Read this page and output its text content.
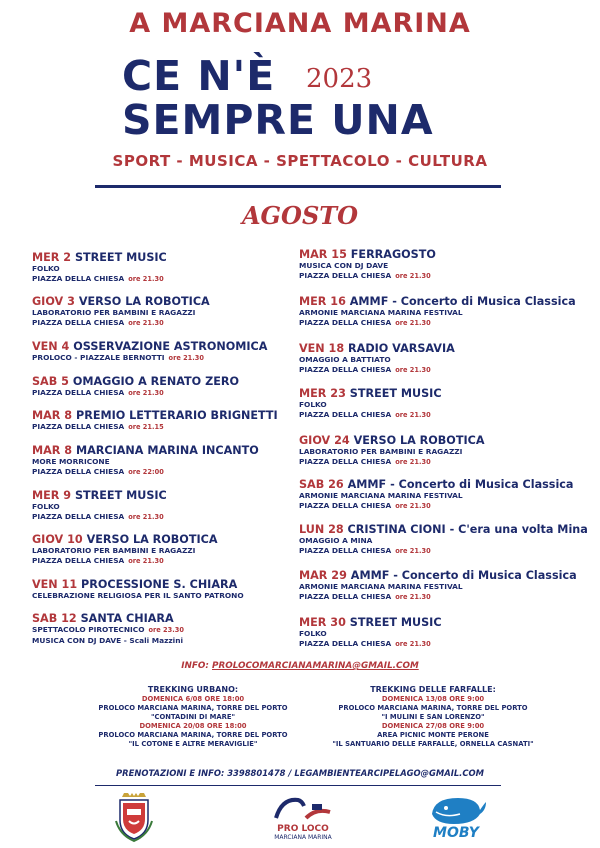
A MARCIANA MARINA
CE N'È 2023
SEMPRE UNA
SPORT - MUSICA - SPETTACOLO - CULTURA
AGOSTO
MER 2 STREET MUSIC
FOLKO
PIAZZA DELLA CHIESA ore 21.30
GIOV 3 VERSO LA ROBOTICA
LABORATORIO PER BAMBINI E RAGAZZI
PIAZZA DELLA CHIESA ore 21.30
VEN 4 OSSERVAZIONE ASTRONOMICA
PROLOCO - PIAZZALE BERNOTTI ore 21.30
SAB 5 OMAGGIO A RENATO ZERO
PIAZZA DELLA CHIESA ore 21.30
MAR 8 PREMIO LETTERARIO BRIGNETTI
PIAZZA DELLA CHIESA ore 21.15
MAR 8 MARCIANA MARINA INCANTO
MORE MORRICONE
PIAZZA DELLA CHIESA ore 22:00
MER 9 STREET MUSIC
FOLKO
PIAZZA DELLA CHIESA ore 21.30
GIOV 10 VERSO LA ROBOTICA
LABORATORIO PER BAMBINI E RAGAZZI
PIAZZA DELLA CHIESA ore 21.30
VEN 11 PROCESSIONE S. CHIARA
CELEBRAZIONE RELIGIOSA PER IL SANTO PATRONO
SAB 12 SANTA CHIARA
SPETTACOLO PIROTECNICO ore 23.30
MUSICA CON DJ DAVE - Scali Mazzini
MAR 15 FERRAGOSTO
MUSICA CON DJ DAVE
PIAZZA DELLA CHIESA ore 21.30
MER 16 AMMF - Concerto di Musica Classica
ARMONIE MARCIANA MARINA FESTIVAL
PIAZZA DELLA CHIESA ore 21.30
VEN 18 RADIO VARSAVIA
OMAGGIO A BATTIATO
PIAZZA DELLA CHIESA ore 21.30
MER 23 STREET MUSIC
FOLKO
PIAZZA DELLA CHIESA ore 21.30
GIOV 24 VERSO LA ROBOTICA
LABORATORIO PER BAMBINI E RAGAZZI
PIAZZA DELLA CHIESA ore 21.30
SAB 26 AMMF - Concerto di Musica Classica
ARMONIE MARCIANA MARINA FESTIVAL
PIAZZA DELLA CHIESA ore 21.30
LUN 28 CRISTINA CIONI - C'era una volta Mina
OMAGGIO A MINA
PIAZZA DELLA CHIESA ore 21.30
MAR 29 AMMF - Concerto di Musica Classica
ARMONIE MARCIANA MARINA FESTIVAL
PIAZZA DELLA CHIESA ore 21.30
MER 30 STREET MUSIC
FOLKO
PIAZZA DELLA CHIESA ore 21.30
INFO: PROLOCOMARCIANAMARINA@GMAIL.COM
TREKKING URBANO:
DOMENICA 6/08 ORE 18:00
PROLOCO MARCIANA MARINA, TORRE DEL PORTO
"CONTADINI DI MARE"
DOMENICA 20/08 ORE 18:00
PROLOCO MARCIANA MARINA, TORRE DEL PORTO
"IL COTONE E ALTRE MERAVIGLIE"
TREKKING DELLE FARFALLE:
DOMENICA 13/08 ORE 9:00
PROLOCO MARCIANA MARINA, TORRE DEL PORTO
"I MULINI E SAN LORENZO"
DOMENICA 27/08 ORE 9:00
AREA PICNIC MONTE PERONE
"IL SANTUARIO DELLE FARFALLE, ORNELLA CASNATI"
PRENOTAZIONI E INFO: 3398801478 / LEGAMBIENTEARCIPELAGO@GMAIL.COM
PRO LOCO
MARCIANA MARINA	MOBY
